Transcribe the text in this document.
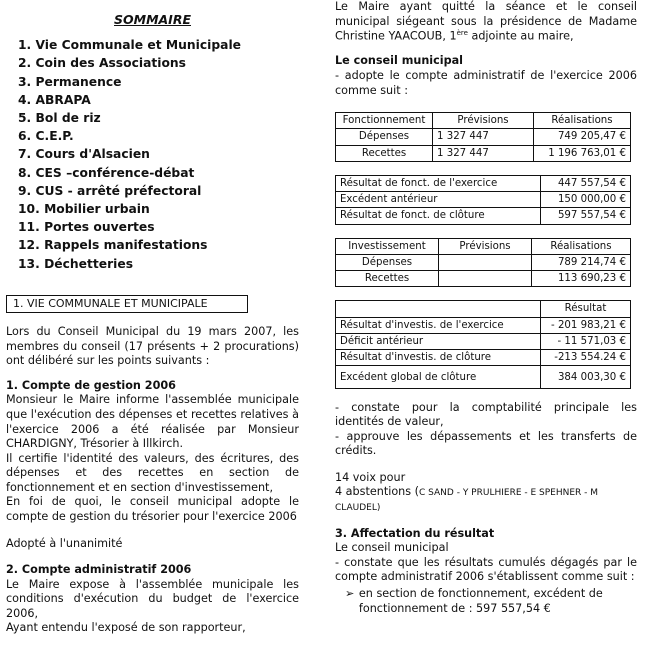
SOMMAIRE
1. Vie Communale et Municipale
2. Coin des Associations
3. Permanence
4. ABRAPA
5. Bol de riz
6. C.E.P.
7. Cours d'Alsacien
8. CES –conférence-débat
9. CUS - arrêté préfectoral
10. Mobilier urbain
11. Portes ouvertes
12. Rappels manifestations
13. Déchetteries
1. VIE COMMUNALE ET MUNICIPALE

Lors du Conseil Municipal du 19 mars 2007, les membres du conseil (17 présents + 2 procurations) ont délibéré sur les points suivants :

1. Compte de gestion 2006

Monsieur le Maire informe l'assemblée municipale que l'exécution des dépenses et recettes relatives à l'exercice 2006 a été réalisée par Monsieur CHARDIGNY, Trésorier à Illkirch.

Il certifie l'identité des valeurs, des écritures, des dépenses et des recettes en section de fonctionnement et en section d'investissement,

En foi de quoi, le conseil municipal adopte le compte de gestion du trésorier pour l'exercice 2006

Adopté à l'unanimité

2. Compte administratif 2006

Le Maire expose à l'assemblée municipale les conditions d'exécution du budget de l'exercice 2006,

Ayant entendu l'exposé de son rapporteur,

Le Maire ayant quitté la séance et le conseil municipal siégeant sous la présidence de Madame Christine YAACOUB, 1ère adjointe au maire,

Le conseil municipal

- adopte le compte administratif de l'exercice 2006 comme suit :

Fonctionnement	Prévisions	Réalisations
Dépenses	1 327 447	749 205,47 €
Recettes	1 327 447	1 196 763,01 €
Résultat de fonct. de l'exercice	447 557,54 €
Excédent antérieur	150 000,00 €
Résultat de fonct. de clôture	597 557,54 €
Investissement	Prévisions	Réalisations
Dépenses		789 214,74 €
Recettes		113 690,23 €
	Résultat
Résultat d'investis. de l'exercice	- 201 983,21 €
Déficit antérieur	- 11 571,03 €
Résultat d'investis. de clôture	-213 554.24 €
Excédent global de clôture	384 003,30 €

- constate pour la comptabilité principale les identités de valeur,

- approuve les dépassements et les transferts de crédits.

14 voix pour

4 abstentions (C SAND - Y PRULHIERE - E SPEHNER - M CLAUDEL)

3. Affectation du résultat

Le conseil municipal

- constate que les résultats cumulés dégagés par le compte administratif 2006 s'établissent comme suit :

➢ en section de fonctionnement, excédent de fonctionnement de : 597 557,54 €
